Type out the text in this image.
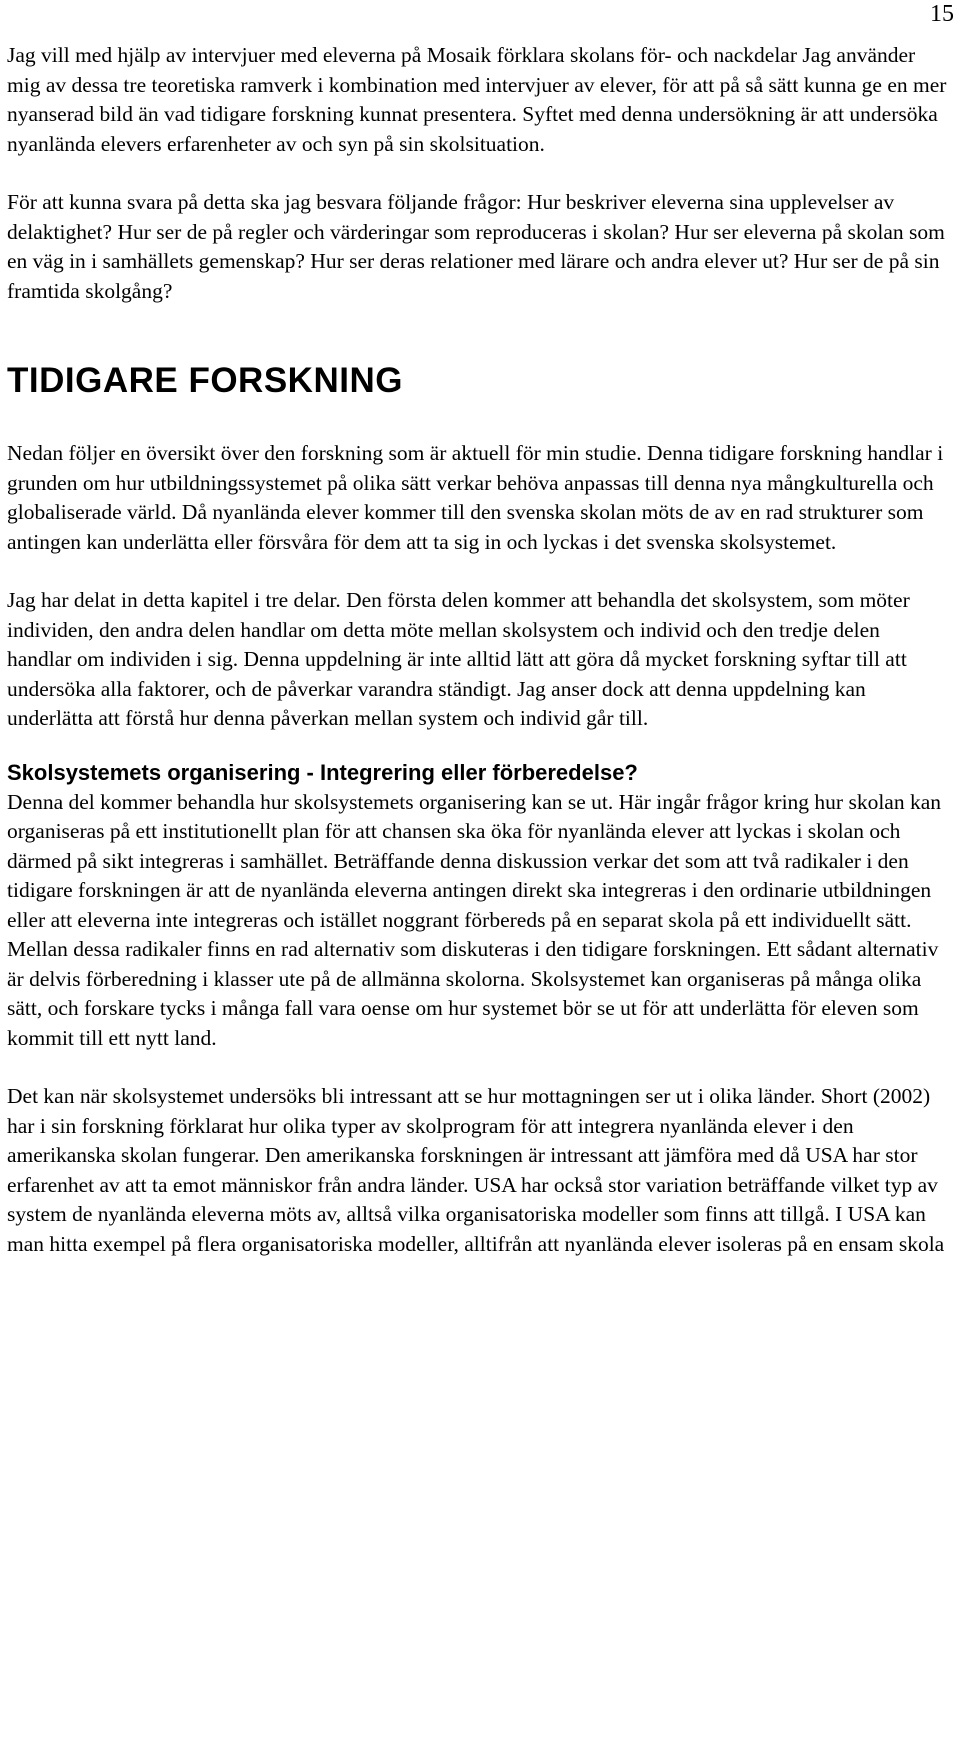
15

Jag vill med hjälp av intervjuer med eleverna på Mosaik förklara skolans för- och nackdelar Jag använder mig av dessa tre teoretiska ramverk i kombination med intervjuer av elever, för att på så sätt kunna ge en mer nyanserad bild än vad tidigare forskning kunnat presentera. Syftet med denna undersökning är att undersöka nyanlända elevers erfarenheter av och syn på sin skolsituation.

För att kunna svara på detta ska jag besvara följande frågor: Hur beskriver eleverna sina upplevelser av delaktighet? Hur ser de på regler och värderingar som reproduceras i skolan? Hur ser eleverna på skolan som en väg in i samhällets gemenskap? Hur ser deras relationer med lärare och andra elever ut? Hur ser de på sin framtida skolgång?

TIDIGARE FORSKNING

Nedan följer en översikt över den forskning som är aktuell för min studie. Denna tidigare forskning handlar i grunden om hur utbildningssystemet på olika sätt verkar behöva anpassas till denna nya mångkulturella och globaliserade värld. Då nyanlända elever kommer till den svenska skolan möts de av en rad strukturer som antingen kan underlätta eller försvåra för dem att ta sig in och lyckas i det svenska skolsystemet.

Jag har delat in detta kapitel i tre delar. Den första delen kommer att behandla det skolsystem, som möter individen, den andra delen handlar om detta möte mellan skolsystem och individ och den tredje delen handlar om individen i sig. Denna uppdelning är inte alltid lätt att göra då mycket forskning syftar till att undersöka alla faktorer, och de påverkar varandra ständigt. Jag anser dock att denna uppdelning kan underlätta att förstå hur denna påverkan mellan system och individ går till.

Skolsystemets organisering - Integrering eller förberedelse?

Denna del kommer behandla hur skolsystemets organisering kan se ut. Här ingår frågor kring hur skolan kan organiseras på ett institutionellt plan för att chansen ska öka för nyanlända elever att lyckas i skolan och därmed på sikt integreras i samhället. Beträffande denna diskussion verkar det som att två radikaler i den tidigare forskningen är att de nyanlända eleverna antingen direkt ska integreras i den ordinarie utbildningen eller att eleverna inte integreras och istället noggrant förbereds på en separat skola på ett individuellt sätt. Mellan dessa radikaler finns en rad alternativ som diskuteras i den tidigare forskningen. Ett sådant alternativ är delvis förberedning i klasser ute på de allmänna skolorna. Skolsystemet kan organiseras på många olika sätt, och forskare tycks i många fall vara oense om hur systemet bör se ut för att underlätta för eleven som kommit till ett nytt land.

Det kan när skolsystemet undersöks bli intressant att se hur mottagningen ser ut i olika länder. Short (2002) har i sin forskning förklarat hur olika typer av skolprogram för att integrera nyanlända elever i den amerikanska skolan fungerar. Den amerikanska forskningen är intressant att jämföra med då USA har stor erfarenhet av att ta emot människor från andra länder. USA har också stor variation beträffande vilket typ av system de nyanlända eleverna möts av, alltså vilka organisatoriska modeller som finns att tillgå. I USA kan man hitta exempel på flera organisatoriska modeller, alltifrån att nyanlända elever isoleras på en ensam skola
